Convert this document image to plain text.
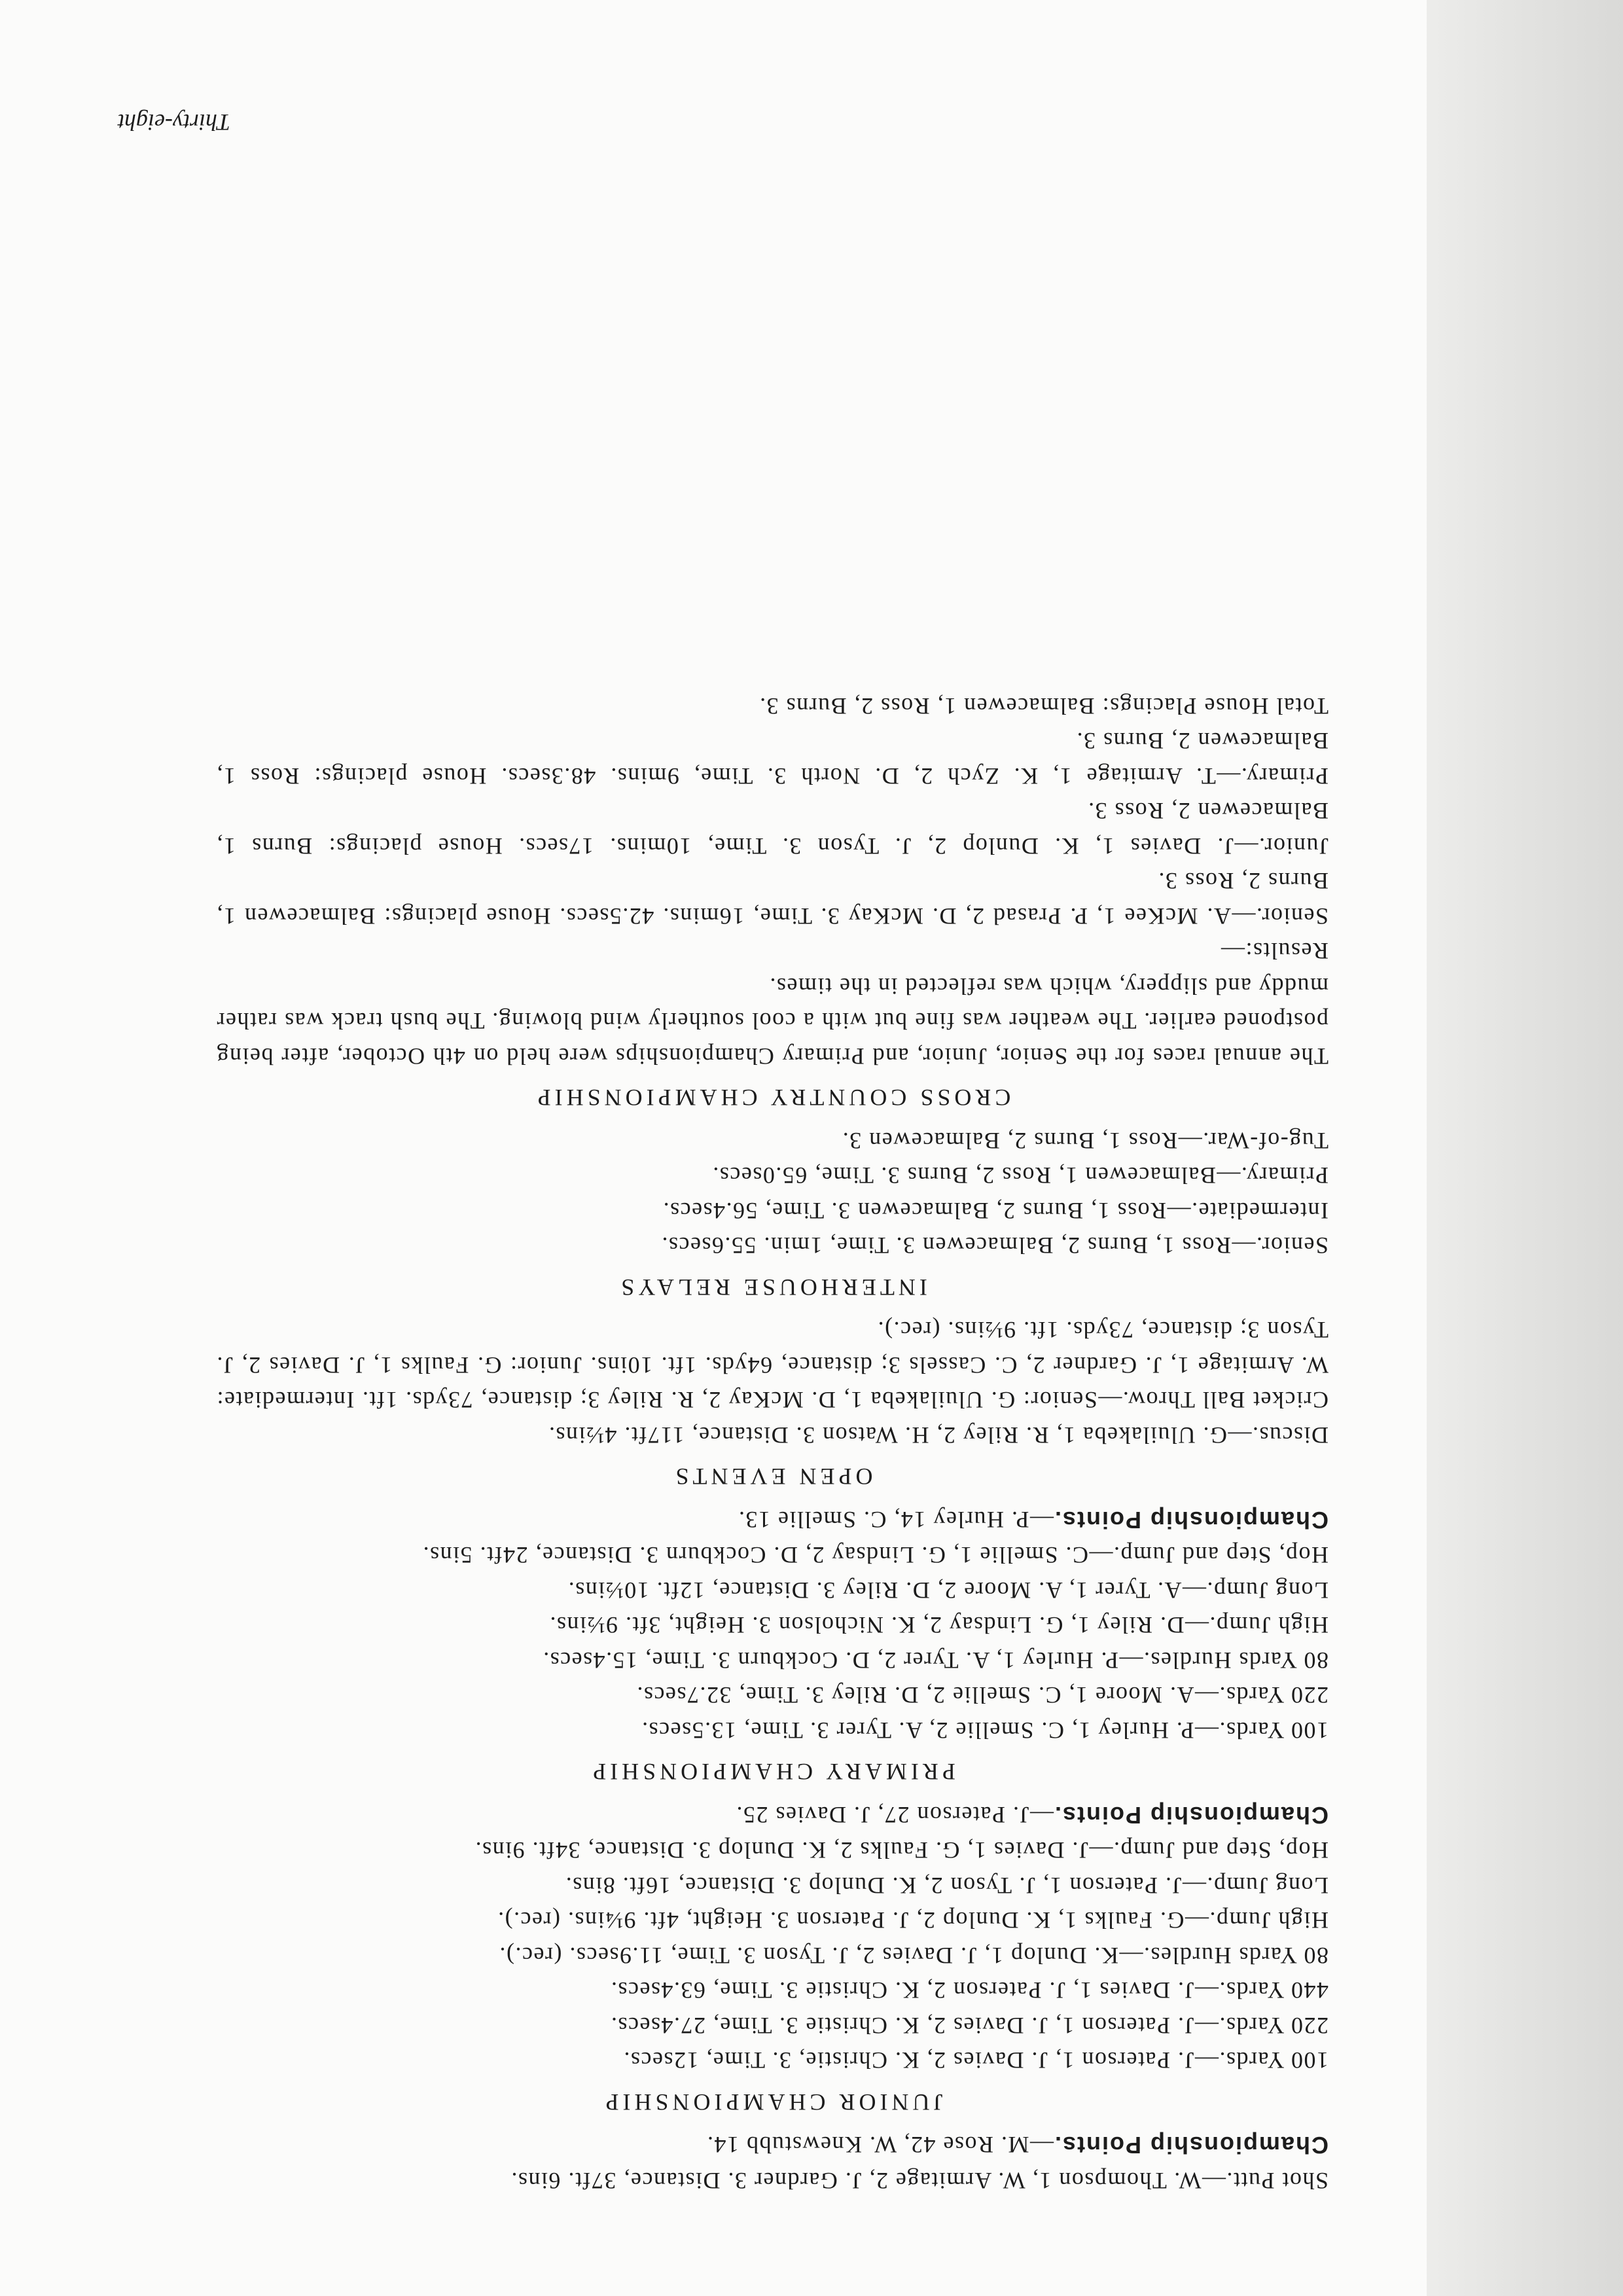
Shot Putt.—W. Thompson 1, W. Armitage 2, J. Gardner 3. Distance, 37ft. 6ins.

Championship Points.—M. Rose 42, W. Knewstubb 14.

JUNIOR CHAMPIONSHIP

100 Yards.—J. Paterson 1, J. Davies 2, K. Christie, 3. Time, 12secs.

220 Yards.—J. Paterson 1, J. Davies 2, K. Christie 3. Time, 27.4secs.

440 Yards.—J. Davies 1, J. Paterson 2, K. Christie 3. Time, 63.4secs.

80 Yards Hurdles.—K. Dunlop 1, J. Davies 2, J. Tyson 3. Time, 11.9secs. (rec.).

High Jump.—G. Faulks 1, K. Dunlop 2, J. Paterson 3. Height, 4ft. 9¼ins. (rec.).

Long Jump.—J. Paterson 1, J. Tyson 2, K. Dunlop 3. Distance, 16ft. 8ins.

Hop, Step and Jump.—J. Davies 1, G. Faulks 2, K. Dunlop 3. Distance, 34ft. 9ins.

Championship Points.—J. Paterson 27, J. Davies 25.

PRIMARY CHAMPIONSHIP

100 Yards.—P. Hurley 1, C. Smellie 2, A. Tyrer 3. Time, 13.5secs.

220 Yards.—A. Moore 1, C. Smellie 2, D. Riley 3. Time, 32.7secs.

80 Yards Hurdles.—P. Hurley 1, A. Tyrer 2, D. Cockburn 3. Time, 15.4secs.

High Jump.—D. Riley 1, G. Lindsay 2, K. Nicholson 3. Height, 3ft. 9½ins.

Long Jump.—A. Tyrer 1, A. Moore 2, D. Riley 3. Distance, 12ft. 10½ins.

Hop, Step and Jump.—C. Smellie 1, G. Lindsay 2, D. Cockburn 3. Distance, 24ft. 5ins.

Championship Points.—P. Hurley 14, C. Smellie 13.

OPEN EVENTS

Discus.—G. Uluilakeba 1, R. Riley 2, H. Watson 3. Distance, 117ft. 4½ins.

Cricket Ball Throw.—Senior: G. Uluilakeba 1, D. McKay 2, R. Riley 3; distance, 73yds. 1ft. Intermediate: W. Armitage 1, J. Gardner 2, C. Cassels 3; distance, 64yds. 1ft. 10ins. Junior: G. Faulks 1, J. Davies 2, J. Tyson 3; distance, 73yds. 1ft. 9½ins. (rec.).

INTERHOUSE RELAYS

Senior.—Ross 1, Burns 2, Balmacewen 3. Time, 1min. 55.6secs.

Intermediate.—Ross 1, Burns 2, Balmacewen 3. Time, 56.4secs.

Primary.—Balmacewen 1, Ross 2, Burns 3. Time, 65.0secs.

Tug-of-War.—Ross 1, Burns 2, Balmacewen 3.

CROSS COUNTRY CHAMPIONSHIP

The annual races for the Senior, Junior, and Primary Championships were held on 4th October, after being postponed earlier. The weather was fine but with a cool southerly wind blowing. The bush track was rather muddy and slippery, which was reflected in the times.

Results:—

Senior.—A. McKee 1, P. Prasad 2, D. McKay 3. Time, 16mins. 42.5secs. House placings: Balmacewen 1, Burns 2, Ross 3.

Junior.—J. Davies 1, K. Dunlop 2, J. Tyson 3. Time, 10mins. 17secs. House placings: Burns 1, Balmacewen 2, Ross 3.

Primary.—T. Armitage 1, K. Zych 2, D. North 3. Time, 9mins. 48.3secs. House placings: Ross 1, Balmacewen 2, Burns 3.

Total House Placings: Balmacewen 1, Ross 2, Burns 3.

Thirty-eight
